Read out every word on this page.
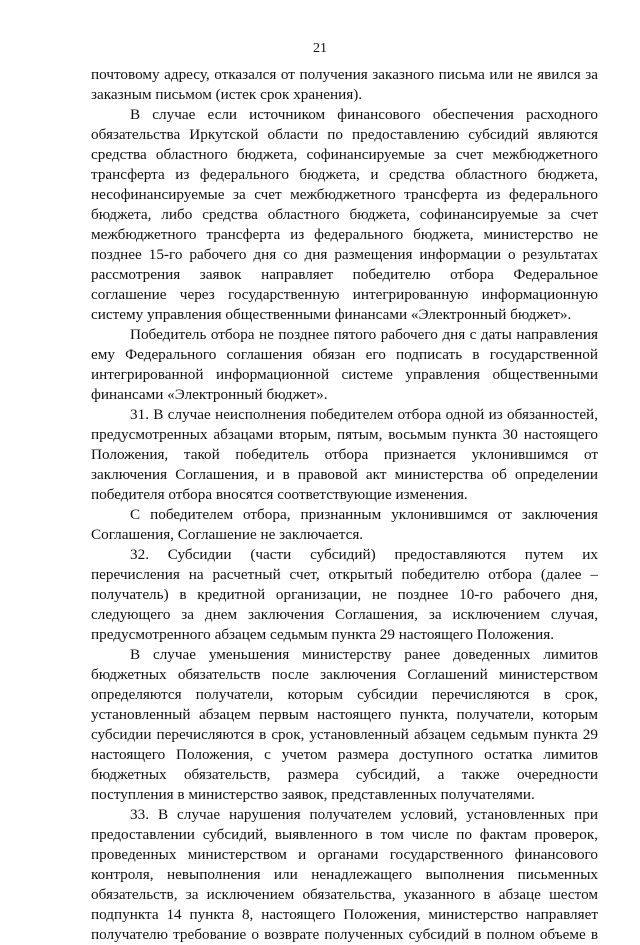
21
почтовому адресу, отказался от получения заказного письма или не явился за
заказным письмом (истек срок хранения).
В случае если источником финансового обеспечения расходного
обязательства Иркутской области по предоставлению субсидий являются
средства областного бюджета, софинансируемые за счет межбюджетного
трансферта из федерального бюджета, и средства областного бюджета,
несофинансируемые за счет межбюджетного трансферта из федерального
бюджета, либо средства областного бюджета, софинансируемые за счет
межбюджетного трансферта из федерального бюджета, министерство не
позднее 15-го рабочего дня со дня размещения информации о результатах
рассмотрения заявок направляет победителю отбора Федеральное
соглашение через государственную интегрированную информационную
систему управления общественными финансами «Электронный бюджет».
Победитель отбора не позднее пятого рабочего дня с даты направления
ему Федерального соглашения обязан его подписать в государственной
интегрированной информационной системе управления общественными
финансами «Электронный бюджет».
31. В случае неисполнения победителем отбора одной из обязанностей,
предусмотренных абзацами вторым, пятым, восьмым пункта 30 настоящего
Положения, такой победитель отбора признается уклонившимся от
заключения Соглашения, и в правовой акт министерства об определении
победителя отбора вносятся соответствующие изменения.
С победителем отбора, признанным уклонившимся от заключения
Соглашения, Соглашение не заключается.
32. Субсидии (части субсидий) предоставляются путем их
перечисления на расчетный счет, открытый победителю отбора (далее –
получатель) в кредитной организации, не позднее 10-го рабочего дня,
следующего за днем заключения Соглашения, за исключением случая,
предусмотренного абзацем седьмым пункта 29 настоящего Положения.
В случае уменьшения министерству ранее доведенных лимитов
бюджетных обязательств после заключения Соглашений министерством
определяются получатели, которым субсидии перечисляются в срок,
установленный абзацем первым настоящего пункта, получатели, которым
субсидии перечисляются в срок, установленный абзацем седьмым пункта 29
настоящего Положения, с учетом размера доступного остатка лимитов
бюджетных обязательств, размера субсидий, а также очередности
поступления в министерство заявок, представленных получателями.
33. В случае нарушения получателем условий, установленных при
предоставлении субсидий, выявленного в том числе по фактам проверок,
проведенных министерством и органами государственного финансового
контроля, невыполнения или ненадлежащего выполнения письменных
обязательств, за исключением обязательства, указанного в абзаце шестом
подпункта 14 пункта 8, настоящего Положения, министерство направляет
получателю требование о возврате полученных субсидий в полном объеме в
